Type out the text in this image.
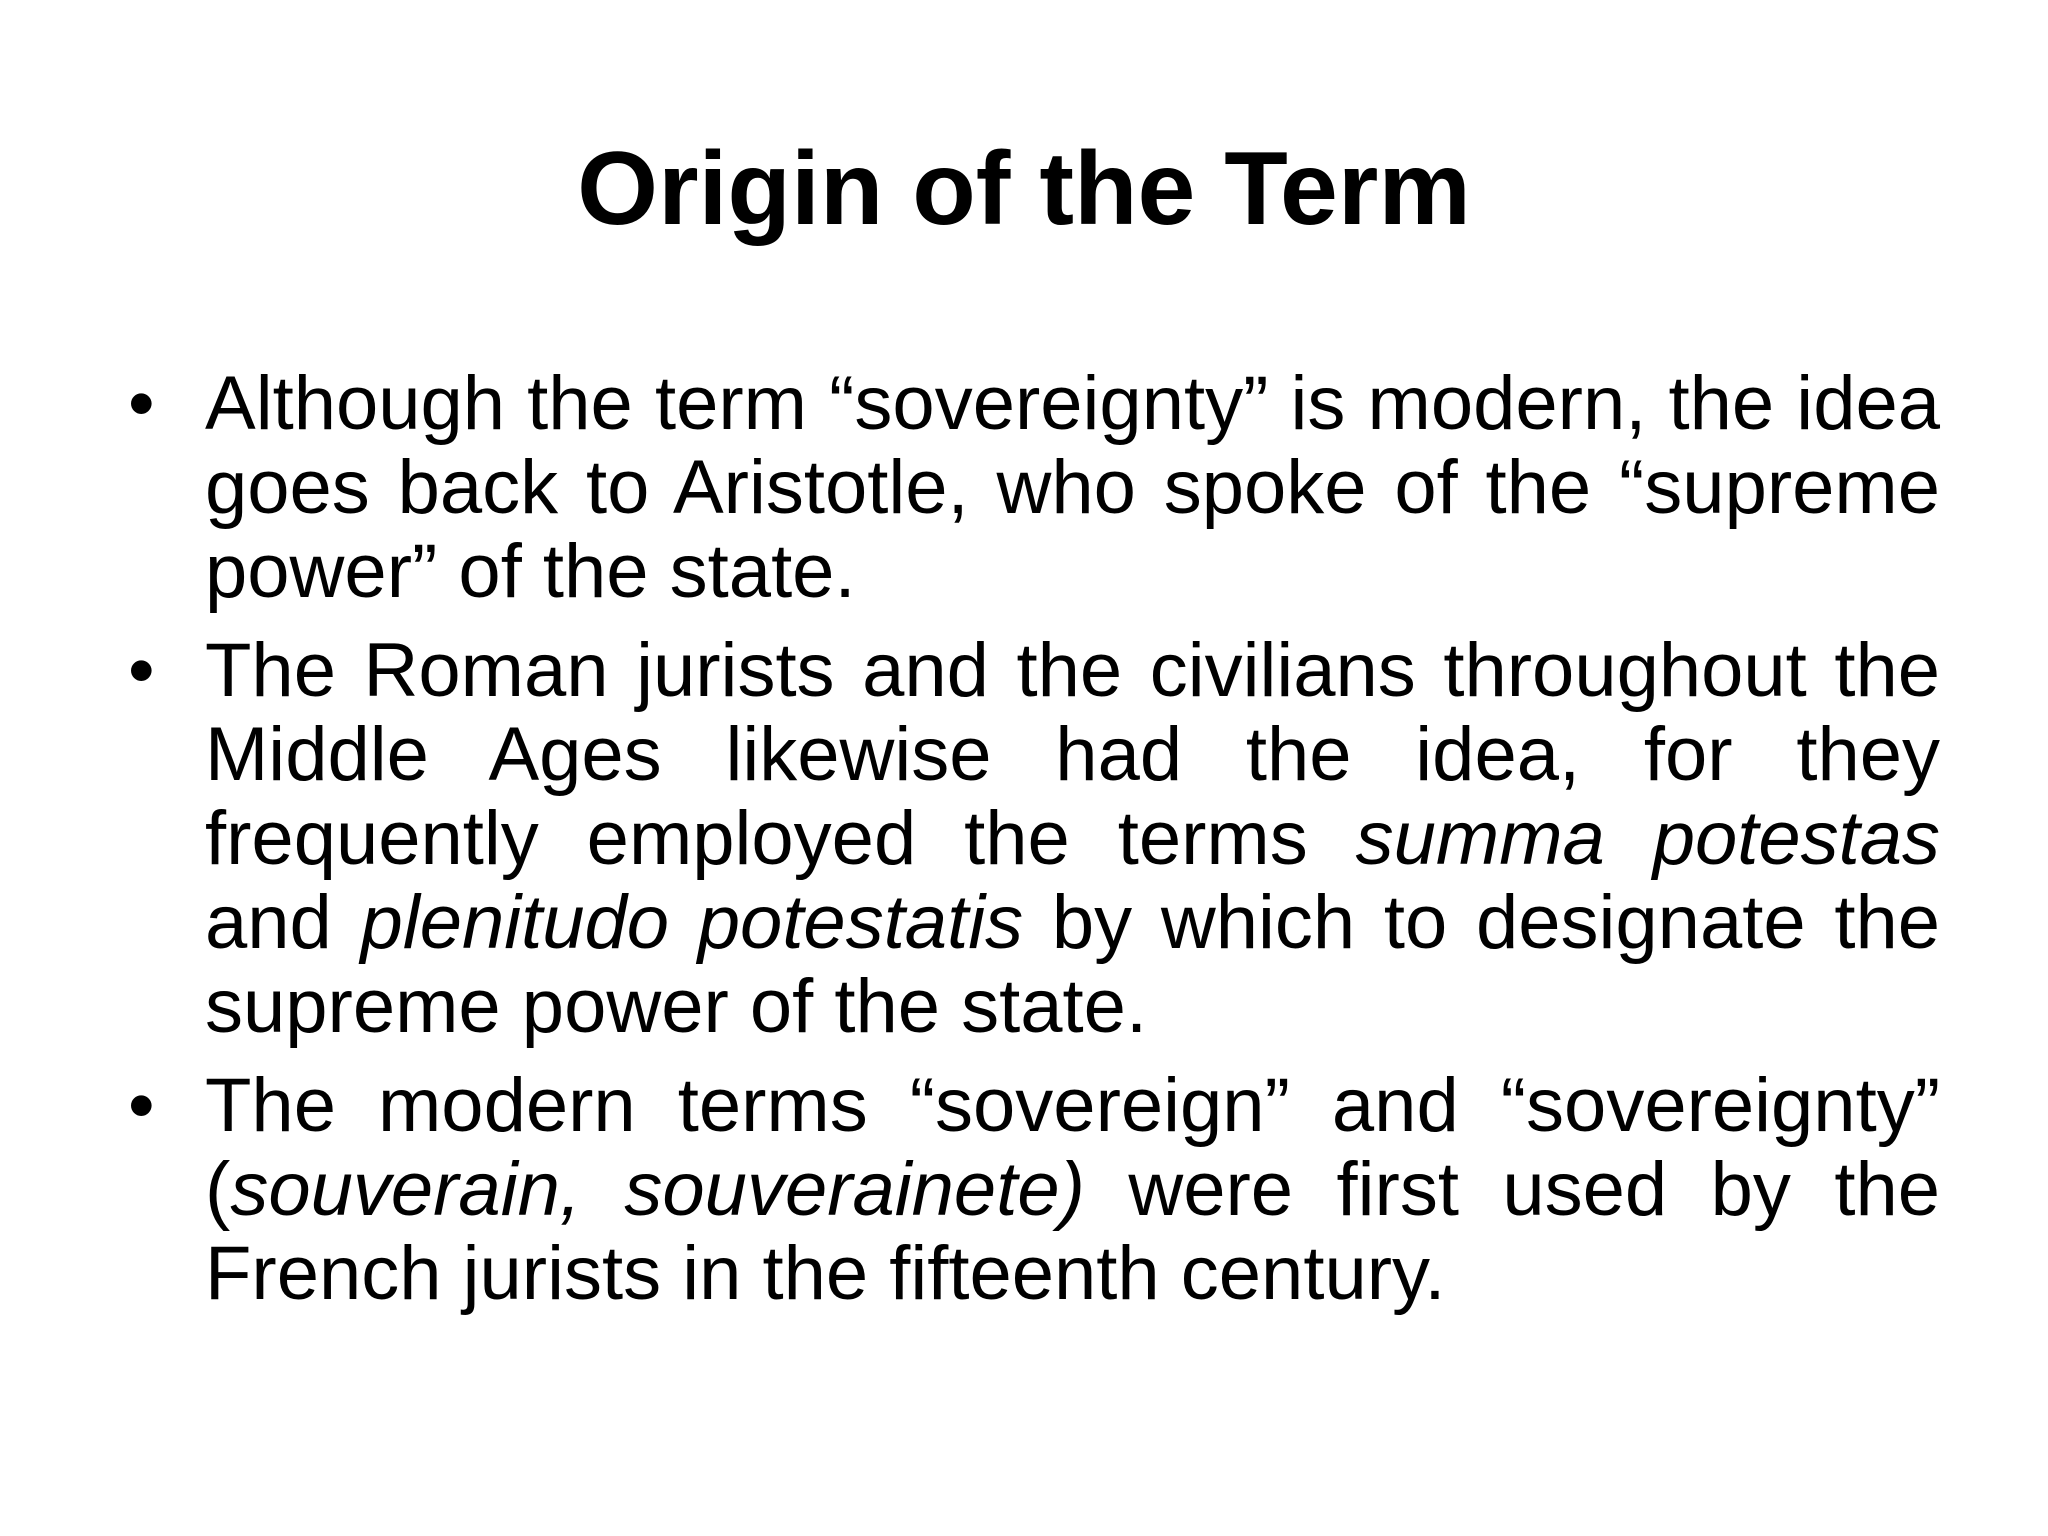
Origin of the Term
• Although the term “sovereignty” is modern, the idea goes back to Aristotle, who spoke of the “supreme power” of the state.
• The Roman jurists and the civilians throughout the Middle Ages likewise had the idea, for they frequently employed the terms summa potestas and plenitudo potestatis by which to designate the supreme power of the state.
• The modern terms “sovereign” and “sovereignty” (souverain, souverainete) were first used by the French jurists in the fifteenth century.
